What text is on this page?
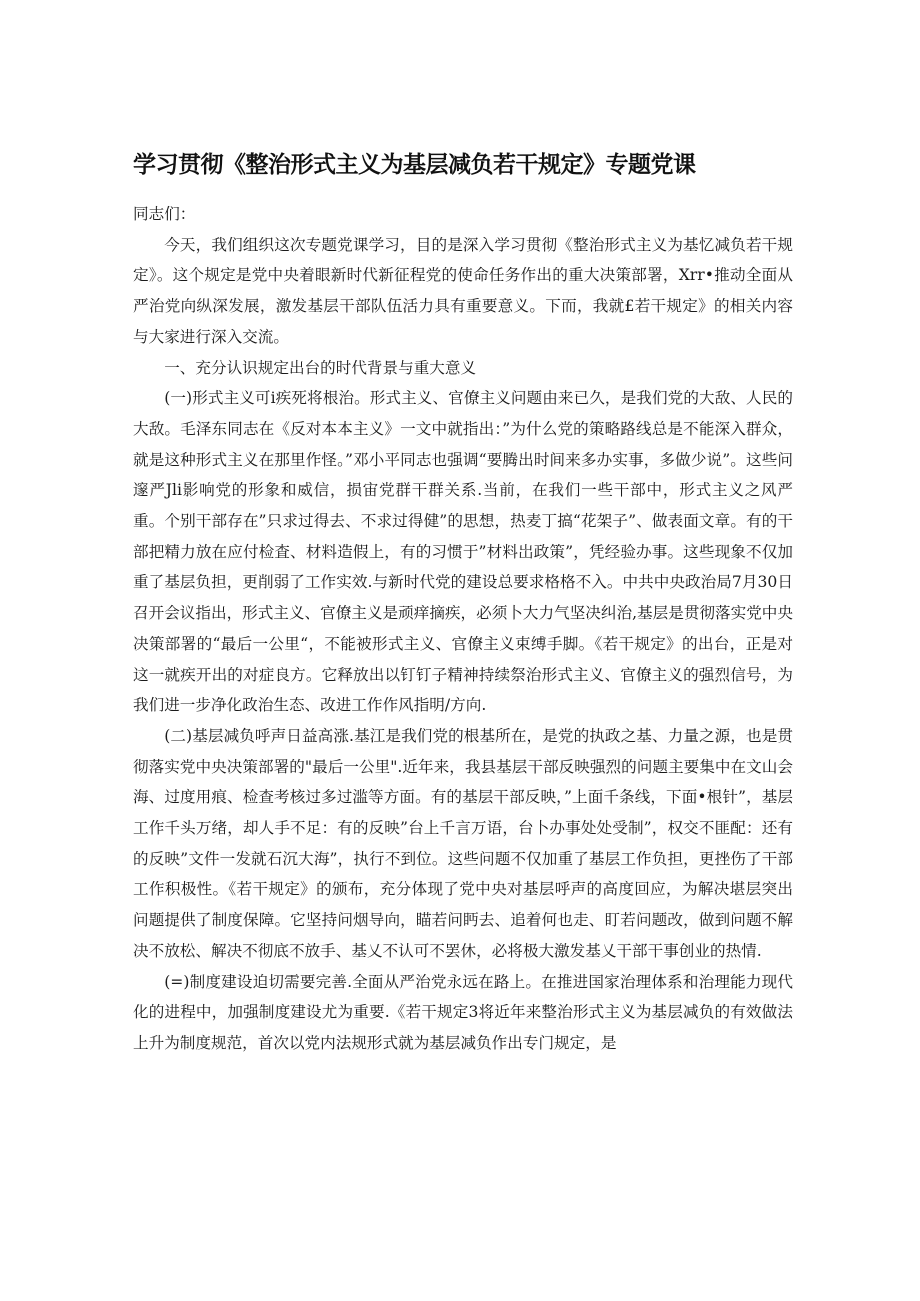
学习贯彻《整治形式主义为基层减负若干规定》专题党课

同志们：

今天，我们组织这次专题党课学习，目的是深入学习贯彻《整治形式主义为基忆减负若干规定》。这个规定是党中央着眼新时代新征程党的使命任务作出的重大决策部署，Xrr•推动全面从严治党向纵深发展，激发基层干部队伍活力具有重要意义。下而，我就£若干规定》的相关内容与大家进行深入交流。

一、充分认识规定出台的时代背景与重大意义

(一)形式主义可i疾死将根治。形式主义、官僚主义问题由来已久，是我们党的大敌、人民的大敌。毛泽东同志在《反对本本主义》一文中就指出：”为什么党的策略路线总是不能深入群众，就是这种形式主义在那里作怪。”邓小平同志也强调“要腾出时间来多办实事，多做少说”。这些问邃严Jli影响党的形象和威信，损宙党群干群关系.当前，在我们一些干部中，形式主义之风严重。个别干部存在”只求过得去、不求过得健”的思想，热麦丁搞“花架子”、做表面文章。有的干部把精力放在应付检査、材料造假上，有的习惯于”材料岀政策”，凭经验办事。这些现象不仅加重了基层负担，更削弱了工作实效.与新时代党的建设总要求格格不入。中共中央政治局7月30日召开会议指出，形式主义、官僚主义是顽痒摘疾，必须卜大力气坚决纠治,基层是贯彻落实党中央决策部署的“最后一公里“，不能被形式主义、官僚主义束缚手脚。《若干规定》的出台，正是对这一就疾开出的对症良方。它释放出以钉钉子精神持续祭治形式主义、官僚主义的强烈信号，为我们进一步净化政治生态、改进工作作风指明/方向.

(二)基层减负呼声日益高涨.基江是我们党的根基所在，是党的执政之基、力量之源，也是贯彻落实党中央决策部署的"最后一公里".近年来，我县基层干部反映强烈的问题主要集中在文山会海、过度用痕、检查考核过多过滥等方面。有的基层干部反映，”上面千条线，下面•根针”，基层工作千头万绪，却人手不足：有的反映”台上千言万语，台卜办事处处受制”，权交不匪配：还有的反映”文件一发就石沉大海”，执行不到位。这些问题不仅加重了基层工作负担，更挫伤了干部工作积极性。《若干规定》的颁布，充分体现了党中央对基层呼声的高度回应，为解决堪层突出问题提供了制度保障。它坚持问烟导向，瞄若问眄去、追着何也走、盯若问题改，做到问题不解决不放松、解决不彻底不放手、基乂不认可不罢休，必将极大激发基乂干部干事创业的热情.

(=)制度建设迫切需要完善.全面从严治党永远在路上。在推进国家治理体系和治理能力现代化的进程中，加强制度建设尤为重要.《若干规定3将近年来整治形式主义为基层减负的有效做法上升为制度规范，首次以党内法规形式就为基层减负作出专门规定，是
